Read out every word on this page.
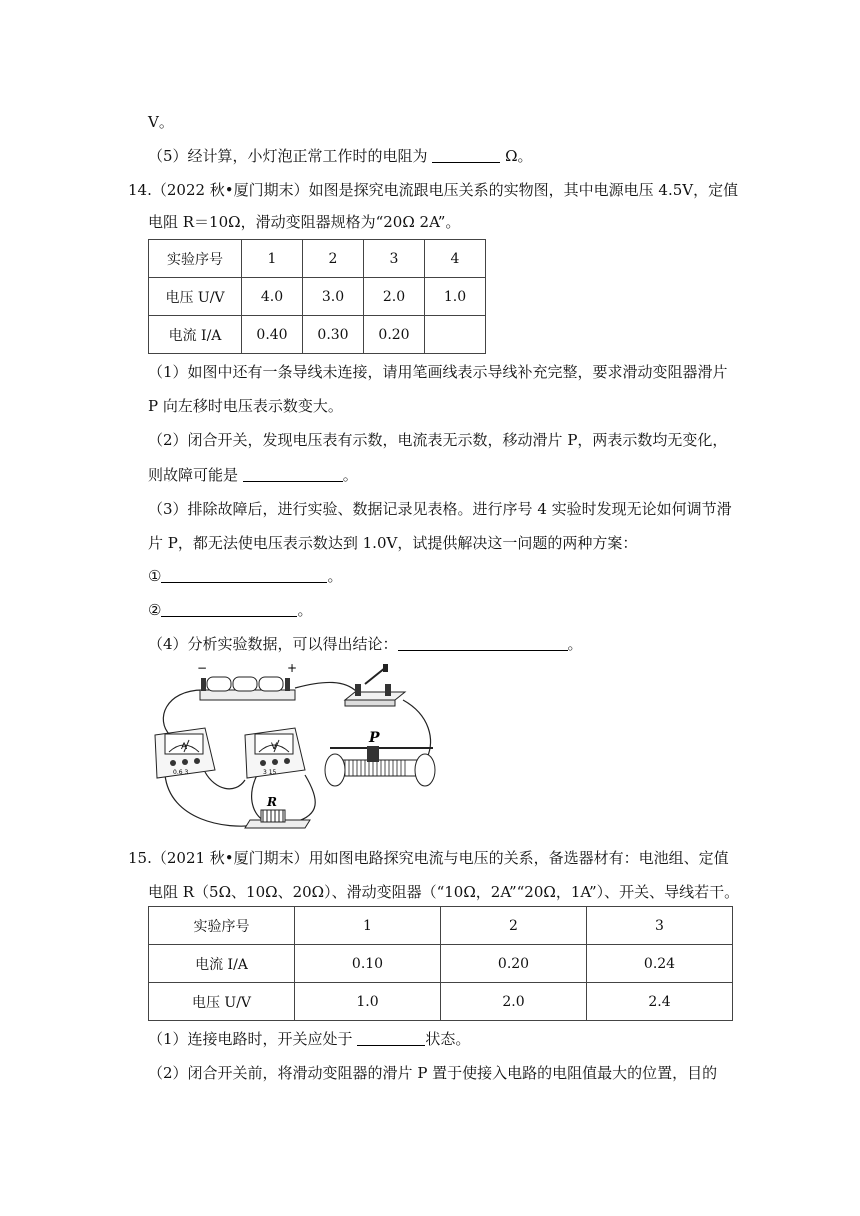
V。
（5）经计算，小灯泡正常工作时的电阻为	Ω。
14.（2022 秋•厦门期末）如图是探究电流跟电压关系的实物图，其中电源电压 4.5V，定值
电阻 R＝10Ω，滑动变阻器规格为“20Ω 2A”。
实验序号	1	2	3	4
电压 U/V	4.0	3.0	2.0	1.0
电流 I/A	0.40	0.30	0.20	
（1）如图中还有一条导线未连接，请用笔画线表示导线补充完整，要求滑动变阻器滑片
P 向左移时电压表示数变大。
（2）闭合开关，发现电压表有示数，电流表无示数，移动滑片 P，两表示数均无变化，
则故障可能是	。
（3）排除故障后，进行实验、数据记录见表格。进行序号 4 实验时发现无论如何调节滑
片 P，都无法使电压表示数达到 1.0V，试提供解决这一问题的两种方案：
①	。
②	。
（4）分析实验数据，可以得出结论：	。
−	+
A
0.6 3
V
3 15
R
P
15.（2021 秋•厦门期末）用如图电路探究电流与电压的关系，备选器材有：电池组、定值
电阻 R（5Ω、10Ω、20Ω）、滑动变阻器（“10Ω，2A”“20Ω，1A”）、开关、导线若干。
实验序号	1	2	3
电流 I/A	0.10	0.20	0.24
电压 U/V	1.0	2.0	2.4
（1）连接电路时，开关应处于	状态。
（2）闭合开关前，将滑动变阻器的滑片 P 置于使接入电路的电阻值最大的位置，目的
